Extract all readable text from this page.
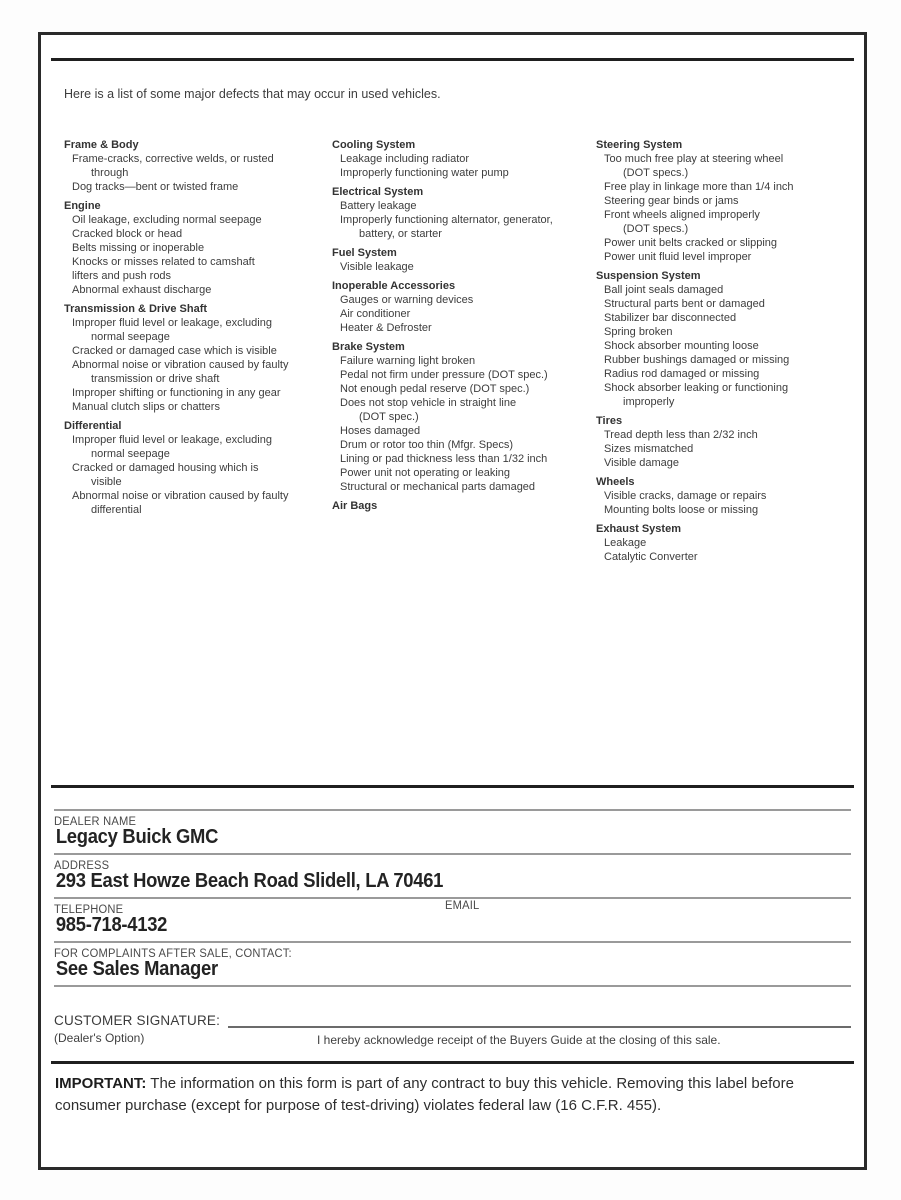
Here is a list of some major defects that may occur in used vehicles.

Frame & Body
Frame-cracks, corrective welds, or rusted
through
Dog tracks—bent or twisted frame
Engine
Oil leakage, excluding normal seepage
Cracked block or head
Belts missing or inoperable
Knocks or misses related to camshaft
lifters and push rods
Abnormal exhaust discharge
Transmission & Drive Shaft
Improper fluid level or leakage, excluding
normal seepage
Cracked or damaged case which is visible
Abnormal noise or vibration caused by faulty
transmission or drive shaft
Improper shifting or functioning in any gear
Manual clutch slips or chatters
Differential
Improper fluid level or leakage, excluding
normal seepage
Cracked or damaged housing which is
visible
Abnormal noise or vibration caused by faulty
differential
Cooling System
Leakage including radiator
Improperly functioning water pump
Electrical System
Battery leakage
Improperly functioning alternator, generator,
battery, or starter
Fuel System
Visible leakage
Inoperable Accessories
Gauges or warning devices
Air conditioner
Heater & Defroster
Brake System
Failure warning light broken
Pedal not firm under pressure (DOT spec.)
Not enough pedal reserve (DOT spec.)
Does not stop vehicle in straight line
(DOT spec.)
Hoses damaged
Drum or rotor too thin (Mfgr. Specs)
Lining or pad thickness less than 1/32 inch
Power unit not operating or leaking
Structural or mechanical parts damaged
Air Bags
Steering System
Too much free play at steering wheel
(DOT specs.)
Free play in linkage more than 1/4 inch
Steering gear binds or jams
Front wheels aligned improperly
(DOT specs.)
Power unit belts cracked or slipping
Power unit fluid level improper
Suspension System
Ball joint seals damaged
Structural parts bent or damaged
Stabilizer bar disconnected
Spring broken
Shock absorber mounting loose
Rubber bushings damaged or missing
Radius rod damaged or missing
Shock absorber leaking or functioning
improperly
Tires
Tread depth less than 2/32 inch
Sizes mismatched
Visible damage
Wheels
Visible cracks, damage or repairs
Mounting bolts loose or missing
Exhaust System
Leakage
Catalytic Converter
DEALER NAME
Legacy Buick GMC
ADDRESS
293 East Howze Beach Road Slidell, LA 70461
TELEPHONE	EMAIL
985-718-4132
FOR COMPLAINTS AFTER SALE, CONTACT:
See Sales Manager
CUSTOMER SIGNATURE:
(Dealer's Option)	I hereby acknowledge receipt of the Buyers Guide at the closing of this sale.

IMPORTANT: The information on this form is part of any contract to buy this vehicle. Removing this label before consumer purchase (except for purpose of test-driving) violates federal law (16 C.F.R. 455).
